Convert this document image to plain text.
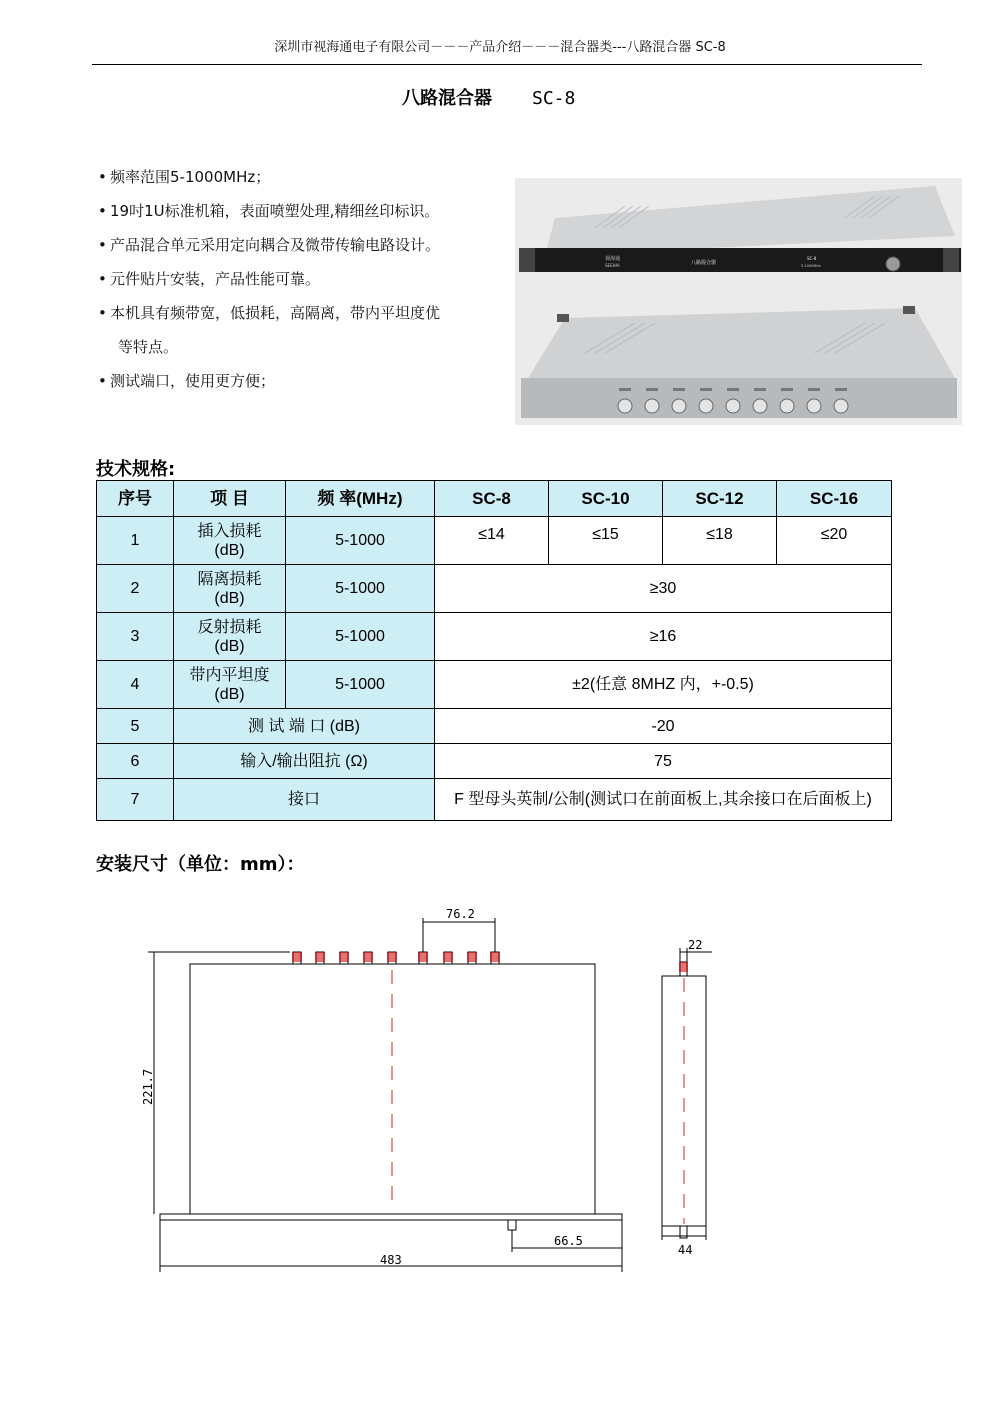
深圳市视海通电子有限公司－－－产品介绍－－－混合器类---八路混合器 SC-8
八路混合器 SC-8
• 频率范围5-1000MHz；
• 19吋1U标准机箱，表面喷塑处理,精细丝印标识。
• 产品混合单元采用定向耦合及微带传输电路设计。
• 元件贴片安装，产品性能可靠。
• 本机具有频带宽，低损耗，高隔离，带内平坦度优
等特点。
• 测试端口，使用更方便；
视海通
SEEHAI	八路混合器
SC-8
5-1000MHz
技术规格:
序号	项 目	频 率(MHz)	SC-8	SC-10	SC-12	SC-16
1	插入损耗
(dB)	5-1000	≤14	≤15	≤18	≤20
2	隔离损耗
(dB)	5-1000	≥30			
3	反射损耗
(dB)	5-1000	≥16			
4	带内平坦度
(dB)	5-1000	±2(任意 8MHZ 内，+-0.5)			
5	测 试 端 口 (dB)		-20			
6	输入/输出阻抗 (Ω)		75			
7	接口		F 型母头英制/公制(测试口在前面板上,其余接口在后面板上)			
安装尺寸（单位：mm）：
76.2
221.7
483
66.5
22
44
